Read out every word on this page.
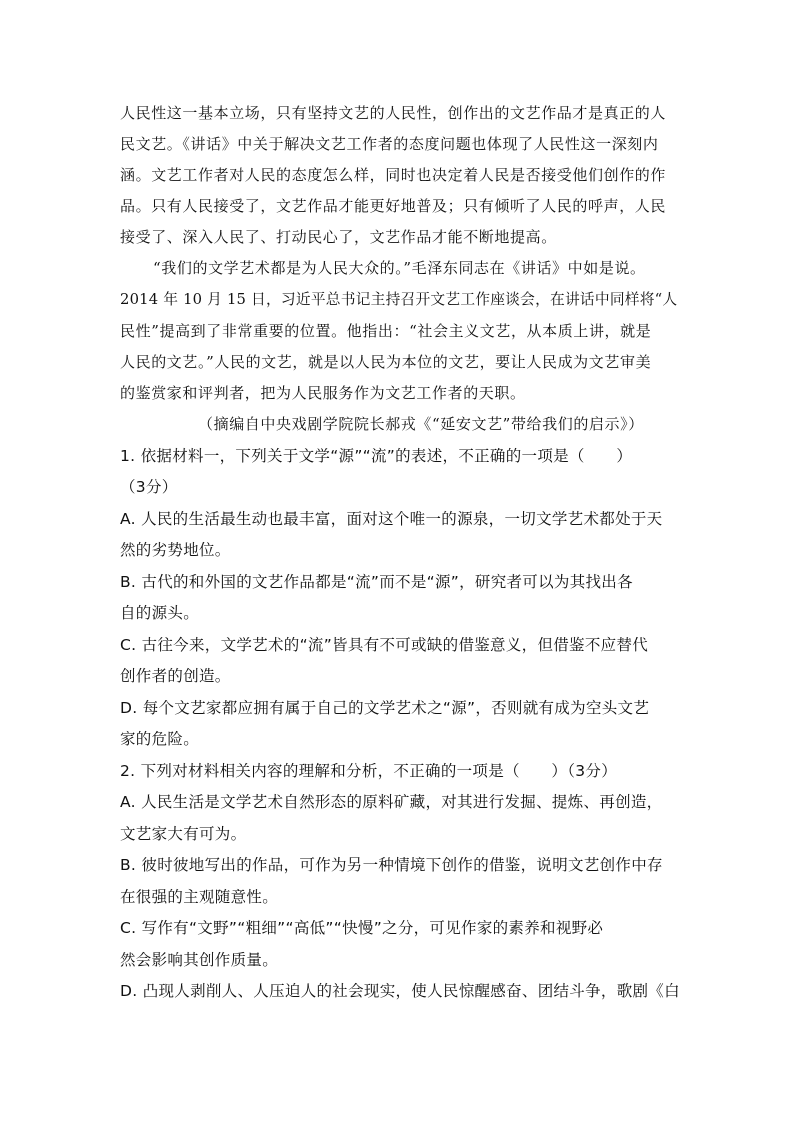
人民性这一基本立场，只有坚持文艺的人民性，创作出的文艺作品才是真正的人
民文艺。《讲话》中关于解决文艺工作者的态度问题也体现了人民性这一深刻内
涵。文艺工作者对人民的态度怎么样，同时也决定着人民是否接受他们创作的作
品。只有人民接受了，文艺作品才能更好地普及；只有倾听了人民的呼声，人民
接受了、深入人民了、打动民心了，文艺作品才能不断地提高。
“我们的文学艺术都是为人民大众的。”毛泽东同志在《讲话》中如是说。
2014 年 10 月 15 日，习近平总书记主持召开文艺工作座谈会，在讲话中同样将“人
民性”提高到了非常重要的位置。他指出：“社会主义文艺，从本质上讲，就是
人民的文艺。”人民的文艺，就是以人民为本位的文艺，要让人民成为文艺审美
的鉴赏家和评判者，把为人民服务作为文艺工作者的天职。
（摘编自中央戏剧学院院长郝戎《“延安文艺”带给我们的启示》）
1. 依据材料一，下列关于文学“源”“流”的表述，不正确的一项是（　　）
（3分）
A. 人民的生活最生动也最丰富，面对这个唯一的源泉，一切文学艺术都处于天
然的劣势地位。
B. 古代的和外国的文艺作品都是“流”而不是“源”，研究者可以为其找出各
自的源头。
C. 古往今来，文学艺术的“流”皆具有不可或缺的借鉴意义，但借鉴不应替代
创作者的创造。
D. 每个文艺家都应拥有属于自己的文学艺术之“源”，否则就有成为空头文艺
家的危险。
2. 下列对材料相关内容的理解和分析，不正确的一项是（　　）（3分）
A. 人民生活是文学艺术自然形态的原料矿藏，对其进行发掘、提炼、再创造，
文艺家大有可为。
B. 彼时彼地写出的作品，可作为另一种情境下创作的借鉴，说明文艺创作中存
在很强的主观随意性。
C. 写作有“文野”“粗细”“高低”“快慢”之分，可见作家的素养和视野必
然会影响其创作质量。
D. 凸现人剥削人、人压迫人的社会现实，使人民惊醒感奋、团结斗争，歌剧《白
